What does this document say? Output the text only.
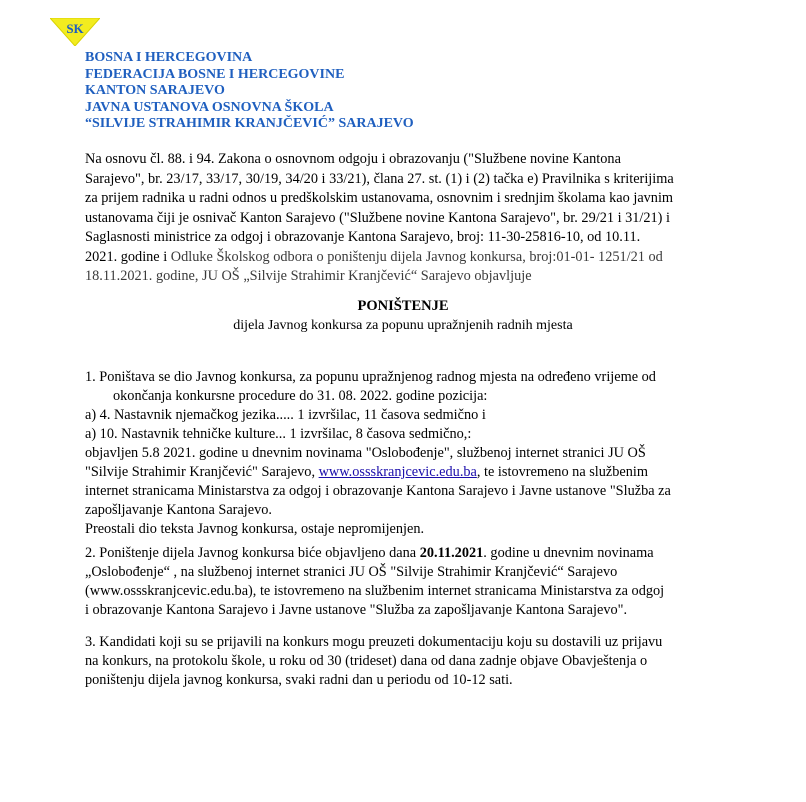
SK
BOSNA I HERCEGOVINA
FEDERACIJA BOSNE I HERCEGOVINE
KANTON SARAJEVO
JAVNA USTANOVA OSNOVNA ŠKOLA
“SILVIJE STRAHIMIR KRANJČEVIĆ” SARAJEVO
Na osnovu čl. 88. i 94. Zakona o osnovnom odgoju i obrazovanju ("Službene novine Kantona
Sarajevo", br. 23/17, 33/17, 30/19, 34/20 i 33/21), člana 27. st. (1) i (2) tačka e) Pravilnika s kriterijima
za prijem radnika u radni odnos u predškolskim ustanovama, osnovnim i srednjim školama kao javnim
ustanovama čiji je osnivač Kanton Sarajevo ("Službene novine Kantona Sarajevo", br. 29/21 i 31/21) i
Saglasnosti ministrice za odgoj i obrazovanje Kantona Sarajevo, broj: 11-30-25816-10, od 10.11.
2021. godine i Odluke Školskog odbora o poništenju dijela Javnog konkursa, broj:01-01- 1251/21 od
18.11.2021. godine, JU OŠ „Silvije Strahimir Kranjčević“ Sarajevo objavljuje
PONIŠTENJE
dijela Javnog konkursa za popunu upražnjenih radnih mjesta
1. Poništava se dio Javnog konkursa, za popunu upražnjenog radnog mjesta na određeno vrijeme od
okončanja konkursne procedure do 31. 08. 2022. godine pozicija:
a) 4. Nastavnik njemačkog jezika..... 1 izvršilac, 11 časova sedmično i
a) 10. Nastavnik tehničke kulture... 1 izvršilac, 8 časova sedmično,:
objavljen 5.8 2021. godine u dnevnim novinama "Oslobođenje", službenoj internet stranici JU OŠ
"Silvije Strahimir Kranjčević" Sarajevo, www.ossskranjcevic.edu.ba, te istovremeno na službenim
internet stranicama Ministarstva za odgoj i obrazovanje Kantona Sarajevo i Javne ustanove "Služba za
zapošljavanje Kantona Sarajevo.
Preostali dio teksta Javnog konkursa, ostaje nepromijenjen.
2. Poništenje dijela Javnog konkursa biće objavljeno dana 20.11.2021. godine u dnevnim novinama
„Oslobođenje“ , na službenoj internet stranici JU OŠ "Silvije Strahimir Kranjčević“ Sarajevo
(www.ossskranjcevic.edu.ba), te istovremeno na službenim internet stranicama Ministarstva za odgoj
i obrazovanje Kantona Sarajevo i Javne ustanove "Služba za zapošljavanje Kantona Sarajevo".
3. Kandidati koji su se prijavili na konkurs mogu preuzeti dokumentaciju koju su dostavili uz prijavu
na konkurs, na protokolu škole, u roku od 30 (trideset) dana od dana zadnje objave Obavještenja o
poništenju dijela javnog konkursa, svaki radni dan u periodu od 10-12 sati.
